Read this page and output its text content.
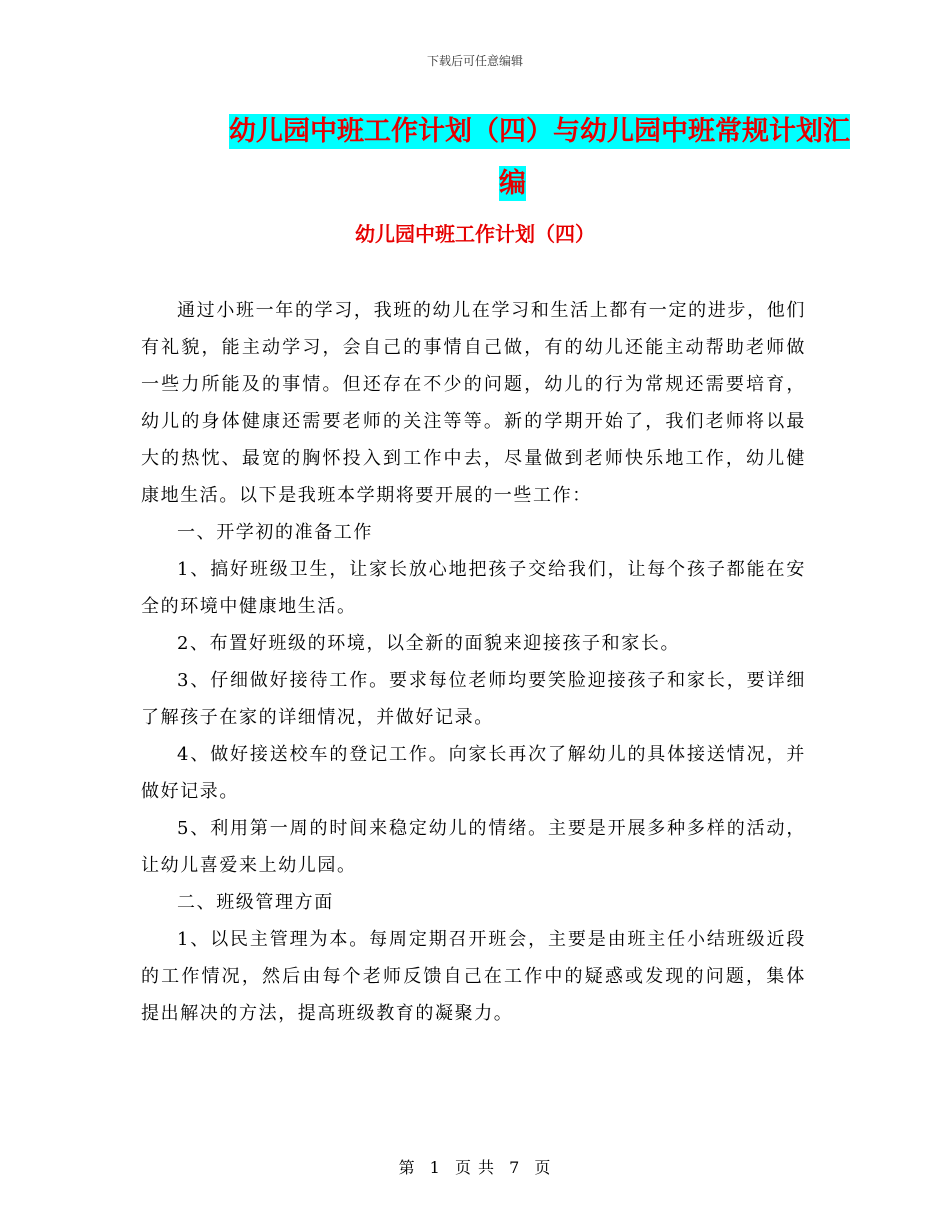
下载后可任意编辑
幼儿园中班工作计划（四）与幼儿园中班常规计划汇
编
幼儿园中班工作计划（四）

通过小班一年的学习，我班的幼儿在学习和生活上都有一定的进步，他们有礼貌，能主动学习，会自己的事情自己做，有的幼儿还能主动帮助老师做一些力所能及的事情。但还存在不少的问题，幼儿的行为常规还需要培育，幼儿的身体健康还需要老师的关注等等。新的学期开始了，我们老师将以最大的热忱、最宽的胸怀投入到工作中去，尽量做到老师快乐地工作，幼儿健康地生活。以下是我班本学期将要开展的一些工作：

一、开学初的准备工作

1、搞好班级卫生，让家长放心地把孩子交给我们，让每个孩子都能在安全的环境中健康地生活。

2、布置好班级的环境，以全新的面貌来迎接孩子和家长。

3、仔细做好接待工作。要求每位老师均要笑脸迎接孩子和家长，要详细了解孩子在家的详细情况，并做好记录。

4、做好接送校车的登记工作。向家长再次了解幼儿的具体接送情况，并做好记录。

5、利用第一周的时间来稳定幼儿的情绪。主要是开展多种多样的活动，让幼儿喜爱来上幼儿园。

二、班级管理方面

1、以民主管理为本。每周定期召开班会，主要是由班主任小结班级近段的工作情况，然后由每个老师反馈自己在工作中的疑惑或发现的问题，集体提出解决的方法，提高班级教育的凝聚力。

第 1 页 共 7 页
